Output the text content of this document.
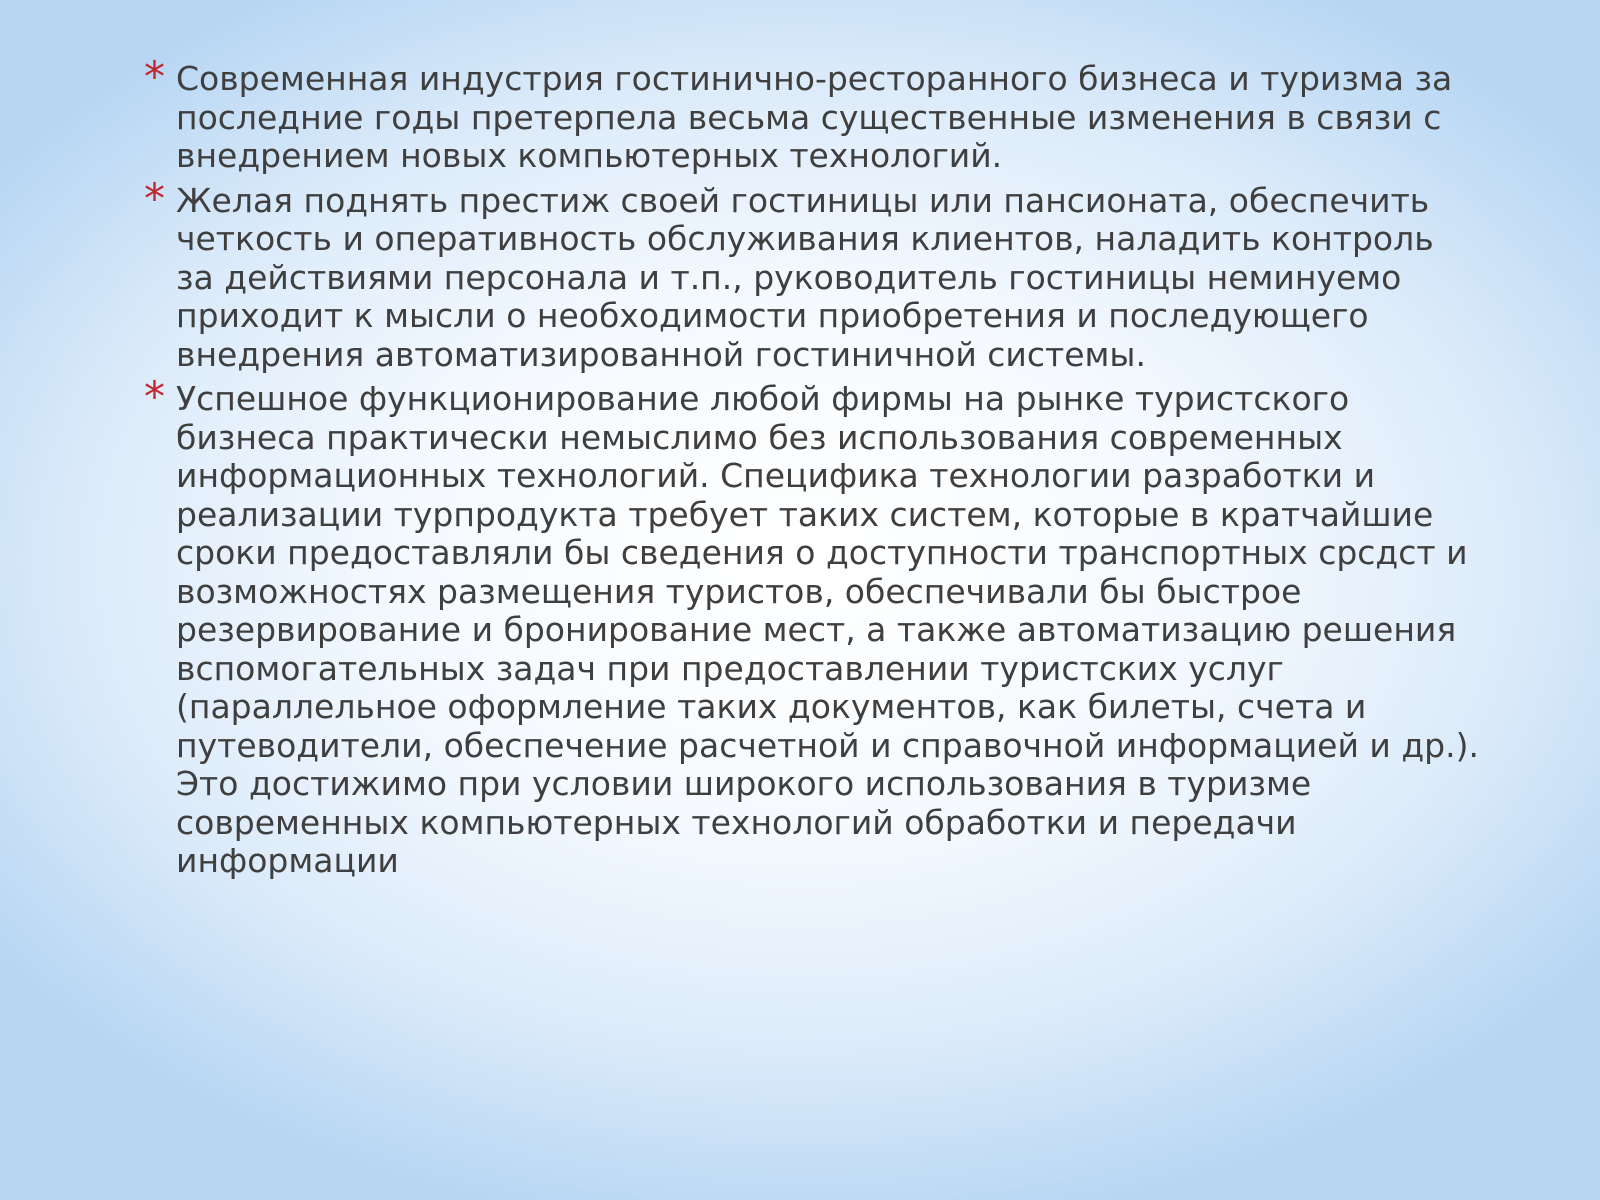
* Современная индустрия гостинично-ресторанного бизнеса и туризма за последние годы претерпела весьма существенные изменения в связи с внедрением новых компьютерных технологий.
* Желая поднять престиж своей гостиницы или пансионата, обеспечить четкость и оперативность обслуживания клиентов, наладить контроль за действиями персонала и т.п., руководитель гостиницы неминуемо приходит к мысли о необходимости приобретения и последующего внедрения автоматизированной гостиничной системы.
* Успешное функционирование любой фирмы на рынке туристского бизнеса практически немыслимо без использования современных информационных технологий. Специфика технологии разработки и реализации турпродукта требует таких систем, которые в кратчайшие сроки предоставляли бы сведения о доступности транспортных срсдст и возможностях размещения туристов, обеспечивали бы быстрое резервирование и бронирование мест, а также автоматизацию решения вспомогательных задач при предоставлении туристских услуг (параллельное оформление таких документов, как билеты, счета и путеводители, обеспечение расчетной и справочной информацией и др.). Это достижимо при условии широкого использования в туризме современных компьютерных технологий обработки и передачи информации
